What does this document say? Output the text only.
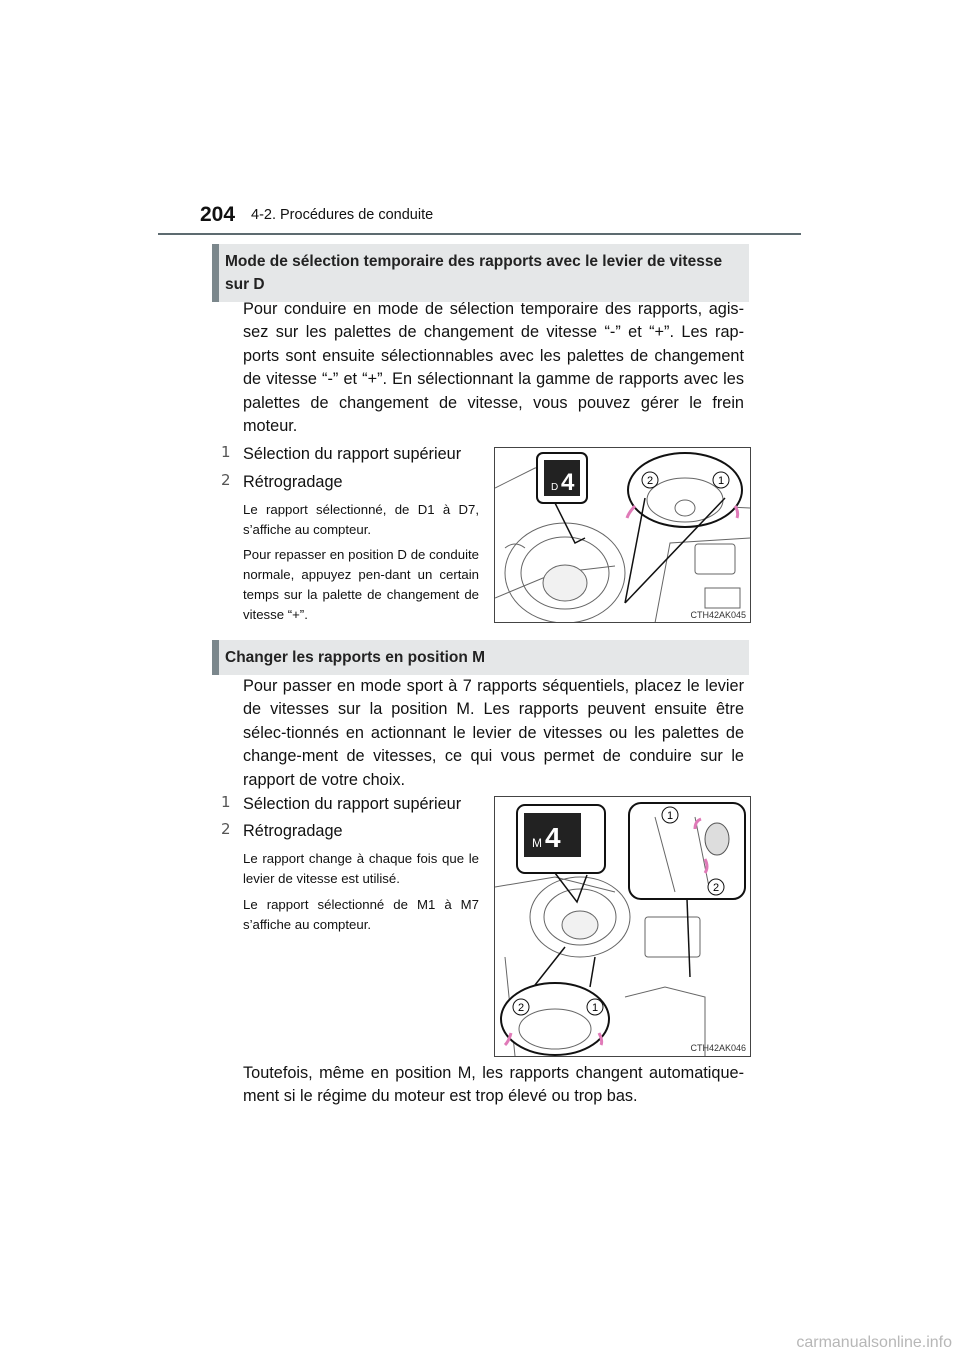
204 4-2. Procédures de conduite
Mode de sélection temporaire des rapports avec le levier de vitesse sur D
Pour conduire en mode de sélection temporaire des rapports, agis-sez sur les palettes de changement de vitesse “-” et “+”. Les rap-ports sont ensuite sélectionnables avec les palettes de changement de vitesse “-” et “+”. En sélectionnant la gamme de rapports avec les palettes de changement de vitesse, vous pouvez gérer le frein moteur.
1 Sélection du rapport supérieur
2 Rétrogradage
Le rapport sélectionné, de D1 à D7, s’affiche au compteur.
Pour repasser en position D de conduite normale, appuyez pen-dant un certain temps sur la palette de changement de vitesse “+”.
D 4	2	1
CTH42AK045
Changer les rapports en position M
Pour passer en mode sport à 7 rapports séquentiels, placez le levier de vitesses sur la position M. Les rapports peuvent ensuite être sélec-tionnés en actionnant le levier de vitesses ou les palettes de change-ment de vitesses, ce qui vous permet de conduire sur le rapport de votre choix.
1 Sélection du rapport supérieur
2 Rétrogradage
Le rapport change à chaque fois que le levier de vitesse est utilisé.
Le rapport sélectionné de M1 à M7 s’affiche au compteur.
M 4
1
2
2	1
CTH42AK046
Toutefois, même en position M, les rapports changent automatique-ment si le régime du moteur est trop élevé ou trop bas.
carmanualsonline.info
